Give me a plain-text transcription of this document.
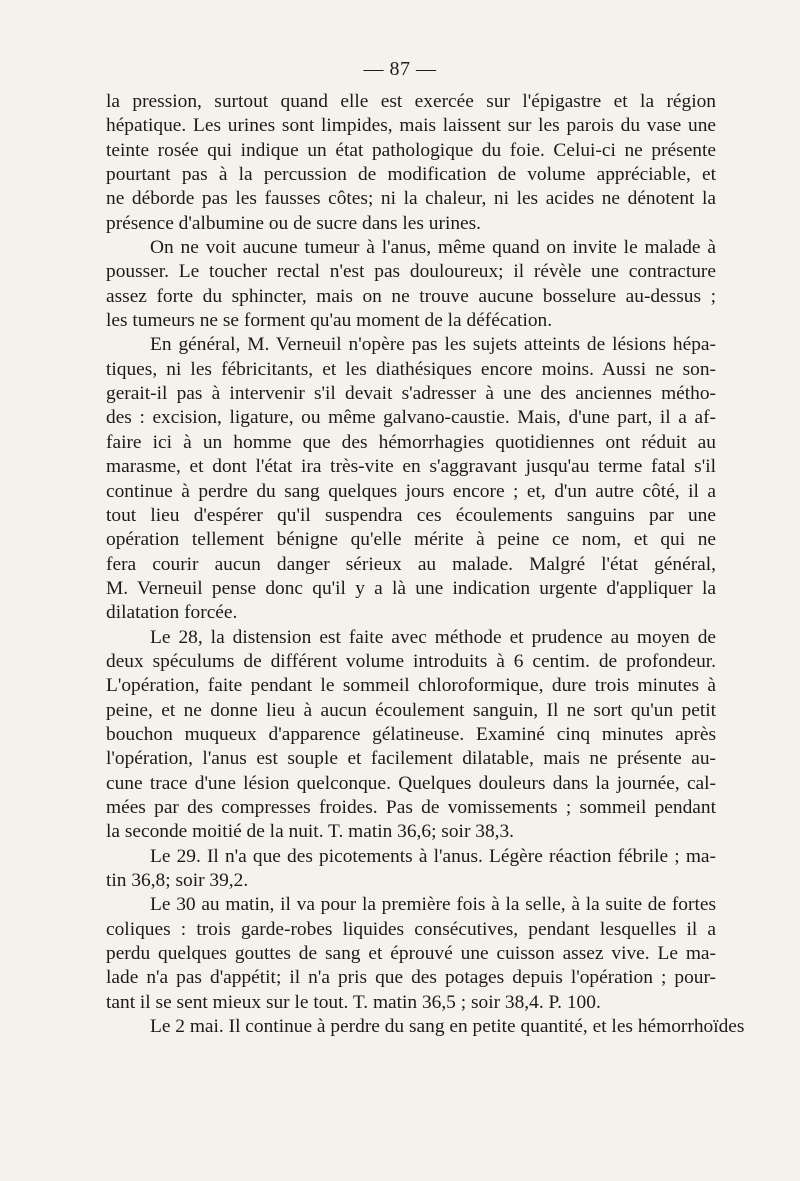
— 87 —

la pression, surtout quand elle est exercée sur l'épigastre et la région

hépatique. Les urines sont limpides, mais laissent sur les parois du vase une

teinte rosée qui indique un état pathologique du foie. Celui-ci ne présente

pourtant pas à la percussion de modification de volume appréciable, et

ne déborde pas les fausses côtes; ni la chaleur, ni les acides ne dénotent la

présence d'albumine ou de sucre dans les urines.

On ne voit aucune tumeur à l'anus, même quand on invite le malade à

pousser. Le toucher rectal n'est pas douloureux; il révèle une contracture

assez forte du sphincter, mais on ne trouve aucune bosselure au-dessus ;

les tumeurs ne se forment qu'au moment de la défécation.

En général, M. Verneuil n'opère pas les sujets atteints de lésions hépa-

tiques, ni les fébricitants, et les diathésiques encore moins. Aussi ne son-

gerait-il pas à intervenir s'il devait s'adresser à une des anciennes métho-

des : excision, ligature, ou même galvano-caustie. Mais, d'une part, il a af-

faire ici à un homme que des hémorrhagies quotidiennes ont réduit au

marasme, et dont l'état ira très-vite en s'aggravant jusqu'au terme fatal s'il

continue à perdre du sang quelques jours encore ; et, d'un autre côté, il a

tout lieu d'espérer qu'il suspendra ces écoulements sanguins par une

opération tellement bénigne qu'elle mérite à peine ce nom, et qui ne

fera courir aucun danger sérieux au malade. Malgré l'état général,

M. Verneuil pense donc qu'il y a là une indication urgente d'appliquer la

dilatation forcée.

Le 28, la distension est faite avec méthode et prudence au moyen de

deux spéculums de différent volume introduits à 6 centim. de profondeur.

L'opération, faite pendant le sommeil chloroformique, dure trois minutes à

peine, et ne donne lieu à aucun écoulement sanguin, Il ne sort qu'un petit

bouchon muqueux d'apparence gélatineuse. Examiné cinq minutes après

l'opération, l'anus est souple et facilement dilatable, mais ne présente au-

cune trace d'une lésion quelconque. Quelques douleurs dans la journée, cal-

mées par des compresses froides. Pas de vomissements ; sommeil pendant

la seconde moitié de la nuit. T. matin 36,6; soir 38,3.

Le 29. Il n'a que des picotements à l'anus. Légère réaction fébrile ; ma-

tin 36,8; soir 39,2.

Le 30 au matin, il va pour la première fois à la selle, à la suite de fortes

coliques : trois garde-robes liquides consécutives, pendant lesquelles il a

perdu quelques gouttes de sang et éprouvé une cuisson assez vive. Le ma-

lade n'a pas d'appétit; il n'a pris que des potages depuis l'opération ; pour-

tant il se sent mieux sur le tout. T. matin 36,5 ; soir 38,4. P. 100.

Le 2 mai. Il continue à perdre du sang en petite quantité, et les hémorrhoïdes
